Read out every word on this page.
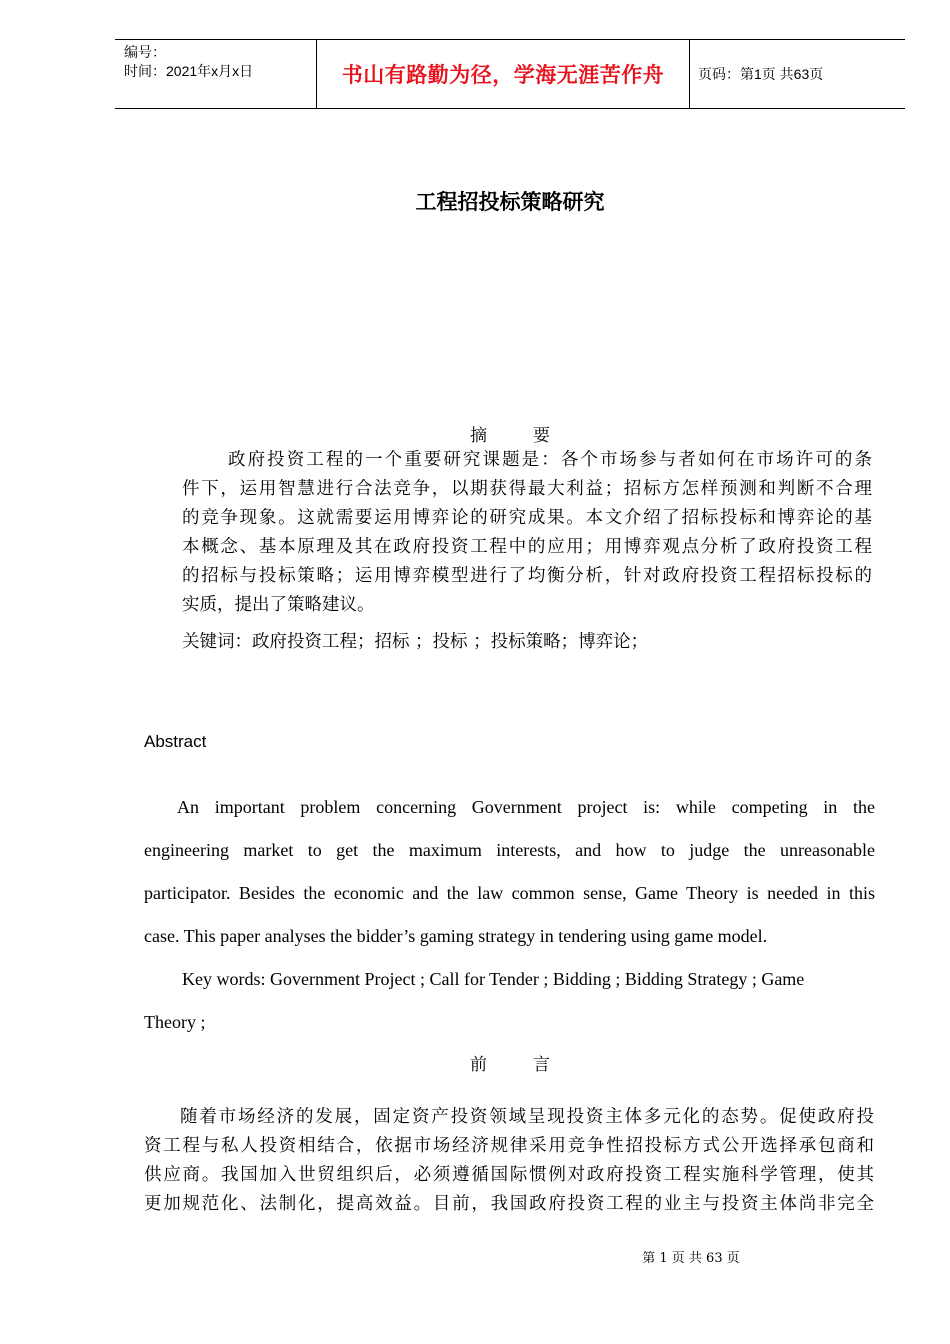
编号：
时间：2021年x月x日	书山有路勤为径，学海无涯苦作舟 页码：第1页 共63页
工程招投标策略研究
摘	要
政府投资工程的一个重要研究课题是：各个市场参与者如何在市场许可的条
件下，运用智慧进行合法竞争，以期获得最大利益；招标方怎样预测和判断不合理
的竞争现象。这就需要运用博弈论的研究成果。本文介绍了招标投标和博弈论的基
本概念、基本原理及其在政府投资工程中的应用；用博弈观点分析了政府投资工程
的招标与投标策略；运用博弈模型进行了均衡分析，针对政府投资工程招标投标的
实质，提出了策略建议。
关键词：政府投资工程；招标 ；投标 ；投标策略；博弈论；
Abstract
An important problem concerning Government project is: while competing in the
engineering market to get the maximum interests, and how to judge the unreasonable
participator. Besides the economic and the law common sense, Game Theory is needed in this
case. This paper analyses the bidder’s gaming strategy in tendering using game model.
Key words: Government Project ; Call for Tender ; Bidding ; Bidding Strategy ; Game
Theory ;
前	言
随着市场经济的发展，固定资产投资领域呈现投资主体多元化的态势。促使政府投
资工程与私人投资相结合，依据市场经济规律采用竞争性招投标方式公开选择承包商和
供应商。我国加入世贸组织后，必须遵循国际惯例对政府投资工程实施科学管理，使其
更加规范化、法制化，提高效益。目前，我国政府投资工程的业主与投资主体尚非完全
第 1 页 共 63 页
